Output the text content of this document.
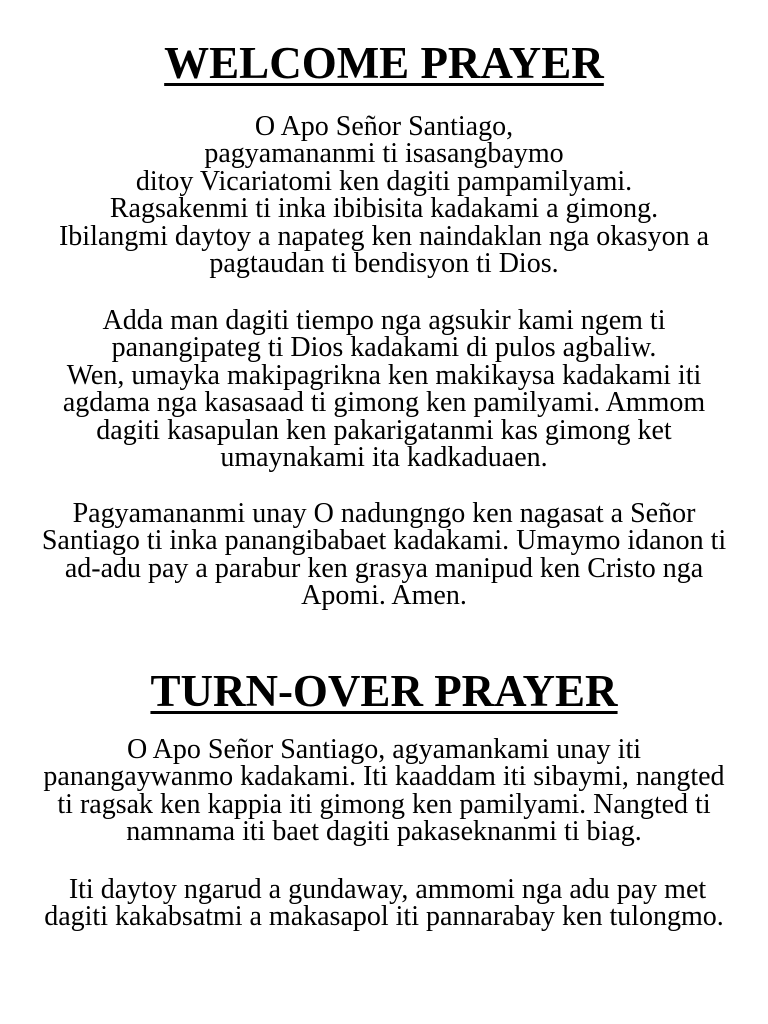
WELCOME PRAYER
O Apo Señor Santiago,
pagyamananmi ti isasangbaymo
ditoy Vicariatomi ken dagiti pampamilyami.
Ragsakenmi ti inka ibibisita kadakami a gimong.
Ibilangmi daytoy a napateg ken naindaklan nga okasyon a
pagtaudan ti bendisyon ti Dios.
Adda man dagiti tiempo nga agsukir kami ngem ti
panangipateg ti Dios kadakami di pulos agbaliw.
Wen, umayka makipagrikna ken makikaysa kadakami iti
agdama nga kasasaad ti gimong ken pamilyami. Ammom
dagiti kasapulan ken pakarigatanmi kas gimong ket
umaynakami ita kadkaduaen.
Pagyamananmi unay O nadungngo ken nagasat a Señor
Santiago ti inka panangibabaet kadakami. Umaymo idanon ti
ad-adu pay a parabur ken grasya manipud ken Cristo nga
Apomi. Amen.
TURN-OVER PRAYER
O Apo Señor Santiago, agyamankami unay iti
panangaywanmo kadakami. Iti kaaddam iti sibaymi, nangted
ti ragsak ken kappia iti gimong ken pamilyami. Nangted ti
namnama iti baet dagiti pakaseknanmi ti biag.
Iti daytoy ngarud a gundaway, ammomi nga adu pay met
dagiti kakabsatmi a makasapol iti pannarabay ken tulongmo.
